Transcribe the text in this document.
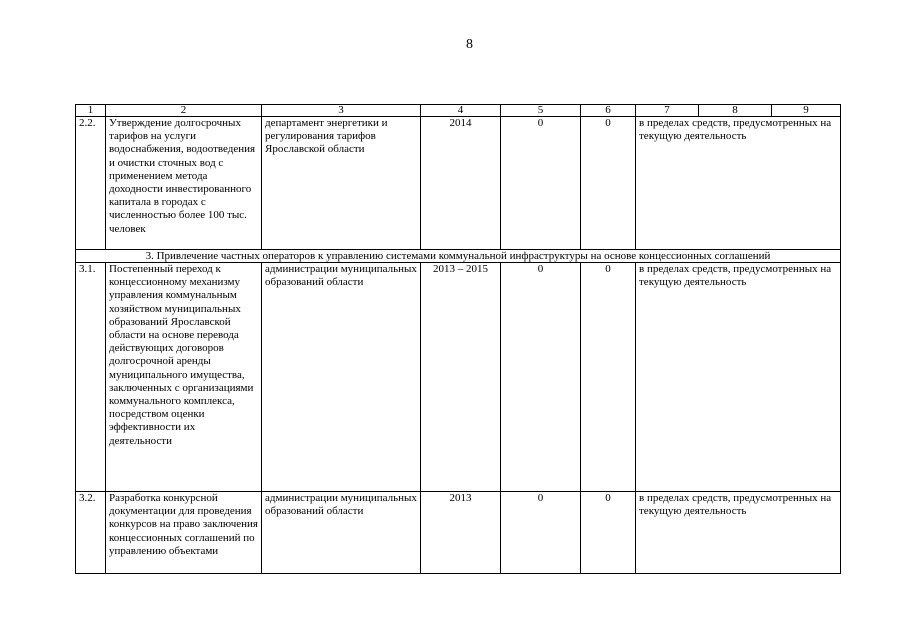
8
1	2	3	4	5	6	7	8	9
2.2.	Утверждение долгосрочных тарифов на услуги водоснабжения, водоотведения и очистки сточных вод с применением метода доходности инвестированного капитала в городах с численностью более 100 тыс. человек	департамент энергетики и регулирования тарифов Ярославской области	2014	0	0	в пределах средств, предусмотренных на текущую деятельность		
3. Привлечение частных операторов к управлению системами коммунальной инфраструктуры на основе концессионных соглашений								
3.1.	Постепенный переход к концессионному механизму управления коммунальным хозяйством муниципальных образований Ярославской области на основе перевода действующих договоров долгосрочной аренды муниципального имущества, заключенных с организациями коммунального комплекса, посредством оценки эффективности их деятельности	администрации муниципальных образований области	2013 – 2015	0	0	в пределах средств, предусмотренных на текущую деятельность		
3.2.	Разработка конкурсной документации для проведения конкурсов на право заключения концессионных соглашений по управлению объектами	администрации муниципальных образований области	2013	0	0	в пределах средств, предусмотренных на текущую деятельность		
